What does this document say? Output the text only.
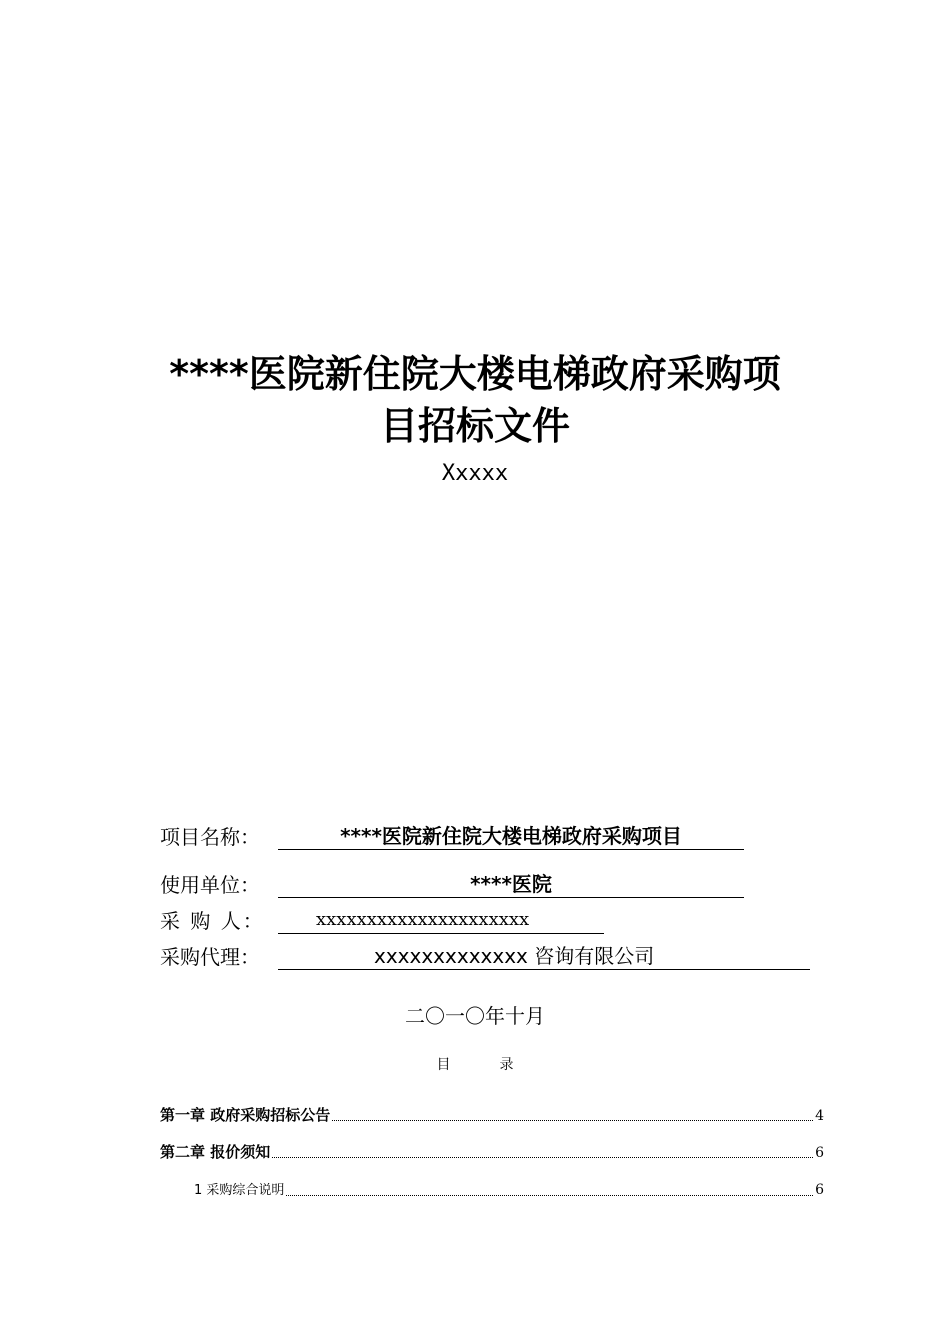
****医院新住院大楼电梯政府采购项
目招标文件
Xxxxx
项目名称：	****医院新住院大楼电梯政府采购项目
使用单位：	****医院
采 购 人：	xxxxxxxxxxxxxxxxxxxxx
采购代理：	xxxxxxxxxxxxx 咨询有限公司
二〇一〇年十月
目	录
第一章 政府采购招标公告	4
第二章 报价须知	6
1 采购综合说明	6
